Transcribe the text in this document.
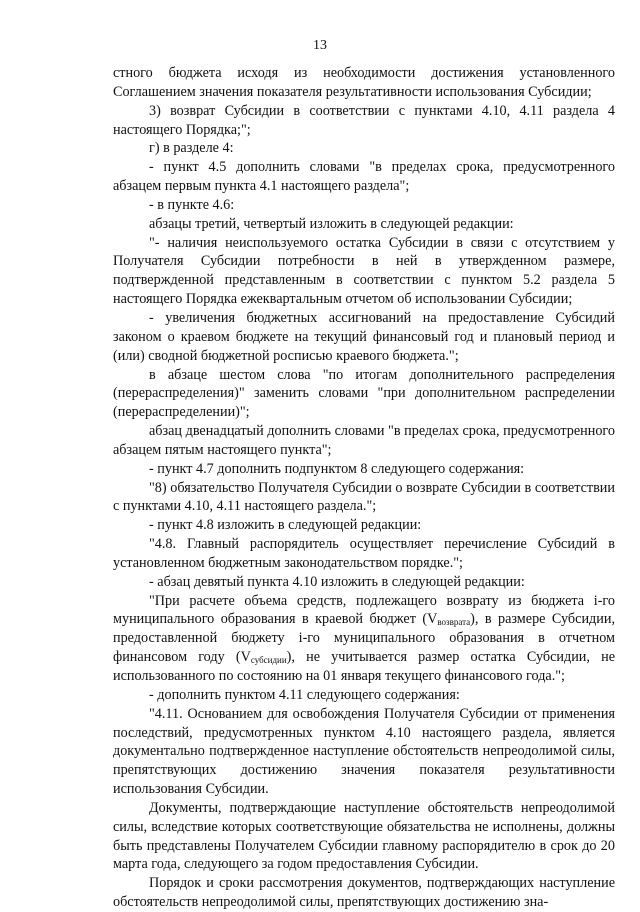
13

стного бюджета исходя из необходимости достижения установленного Соглашением значения показателя результативности использования Субсидии;

3) возврат Субсидии в соответствии с пунктами 4.10, 4.11 раздела 4 настоящего Порядка;";

г) в разделе 4:

- пункт 4.5 дополнить словами "в пределах срока, предусмотренного абзацем первым пункта 4.1 настоящего раздела";

- в пункте 4.6:

абзацы третий, четвертый изложить в следующей редакции:

"- наличия неиспользуемого остатка Субсидии в связи с отсутствием у Получателя Субсидии потребности в ней в утвержденном размере, подтвержденной представленным в соответствии с пунктом 5.2 раздела 5 настоящего Порядка ежеквартальным отчетом об использовании Субсидии;

- увеличения бюджетных ассигнований на предоставление Субсидий законом о краевом бюджете на текущий финансовый год и плановый период и (или) сводной бюджетной росписью краевого бюджета.";

в абзаце шестом слова "по итогам дополнительного распределения (перераспределения)" заменить словами "при дополнительном распределении (перераспределении)";

абзац двенадцатый дополнить словами "в пределах срока, предусмотренного абзацем пятым настоящего пункта";

- пункт 4.7 дополнить подпунктом 8 следующего содержания:

"8) обязательство Получателя Субсидии о возврате Субсидии в соответствии с пунктами 4.10, 4.11 настоящего раздела.";

- пункт 4.8 изложить в следующей редакции:

"4.8. Главный распорядитель осуществляет перечисление Субсидий в установленном бюджетным законодательством порядке.";

- абзац девятый пункта 4.10 изложить в следующей редакции:

"При расчете объема средств, подлежащего возврату из бюджета i-го муниципального образования в краевой бюджет $(V_{возврата})$, в размере Субсидии, предоставленной бюджету i-го муниципального образования в отчетном финансовом году $(V_{субсидии})$, не учитывается размер остатка Субсидии, не использованного по состоянию на 01 января текущего финансового года.";

- дополнить пунктом 4.11 следующего содержания:

"4.11. Основанием для освобождения Получателя Субсидии от применения последствий, предусмотренных пунктом 4.10 настоящего раздела, является документально подтвержденное наступление обстоятельств непреодолимой силы, препятствующих достижению значения показателя результативности использования Субсидии.

Документы, подтверждающие наступление обстоятельств непреодолимой силы, вследствие которых соответствующие обязательства не исполнены, должны быть представлены Получателем Субсидии главному распорядителю в срок до 20 марта года, следующего за годом предоставления Субсидии.

Порядок и сроки рассмотрения документов, подтверждающих наступление обстоятельств непреодолимой силы, препятствующих достижению зна-
